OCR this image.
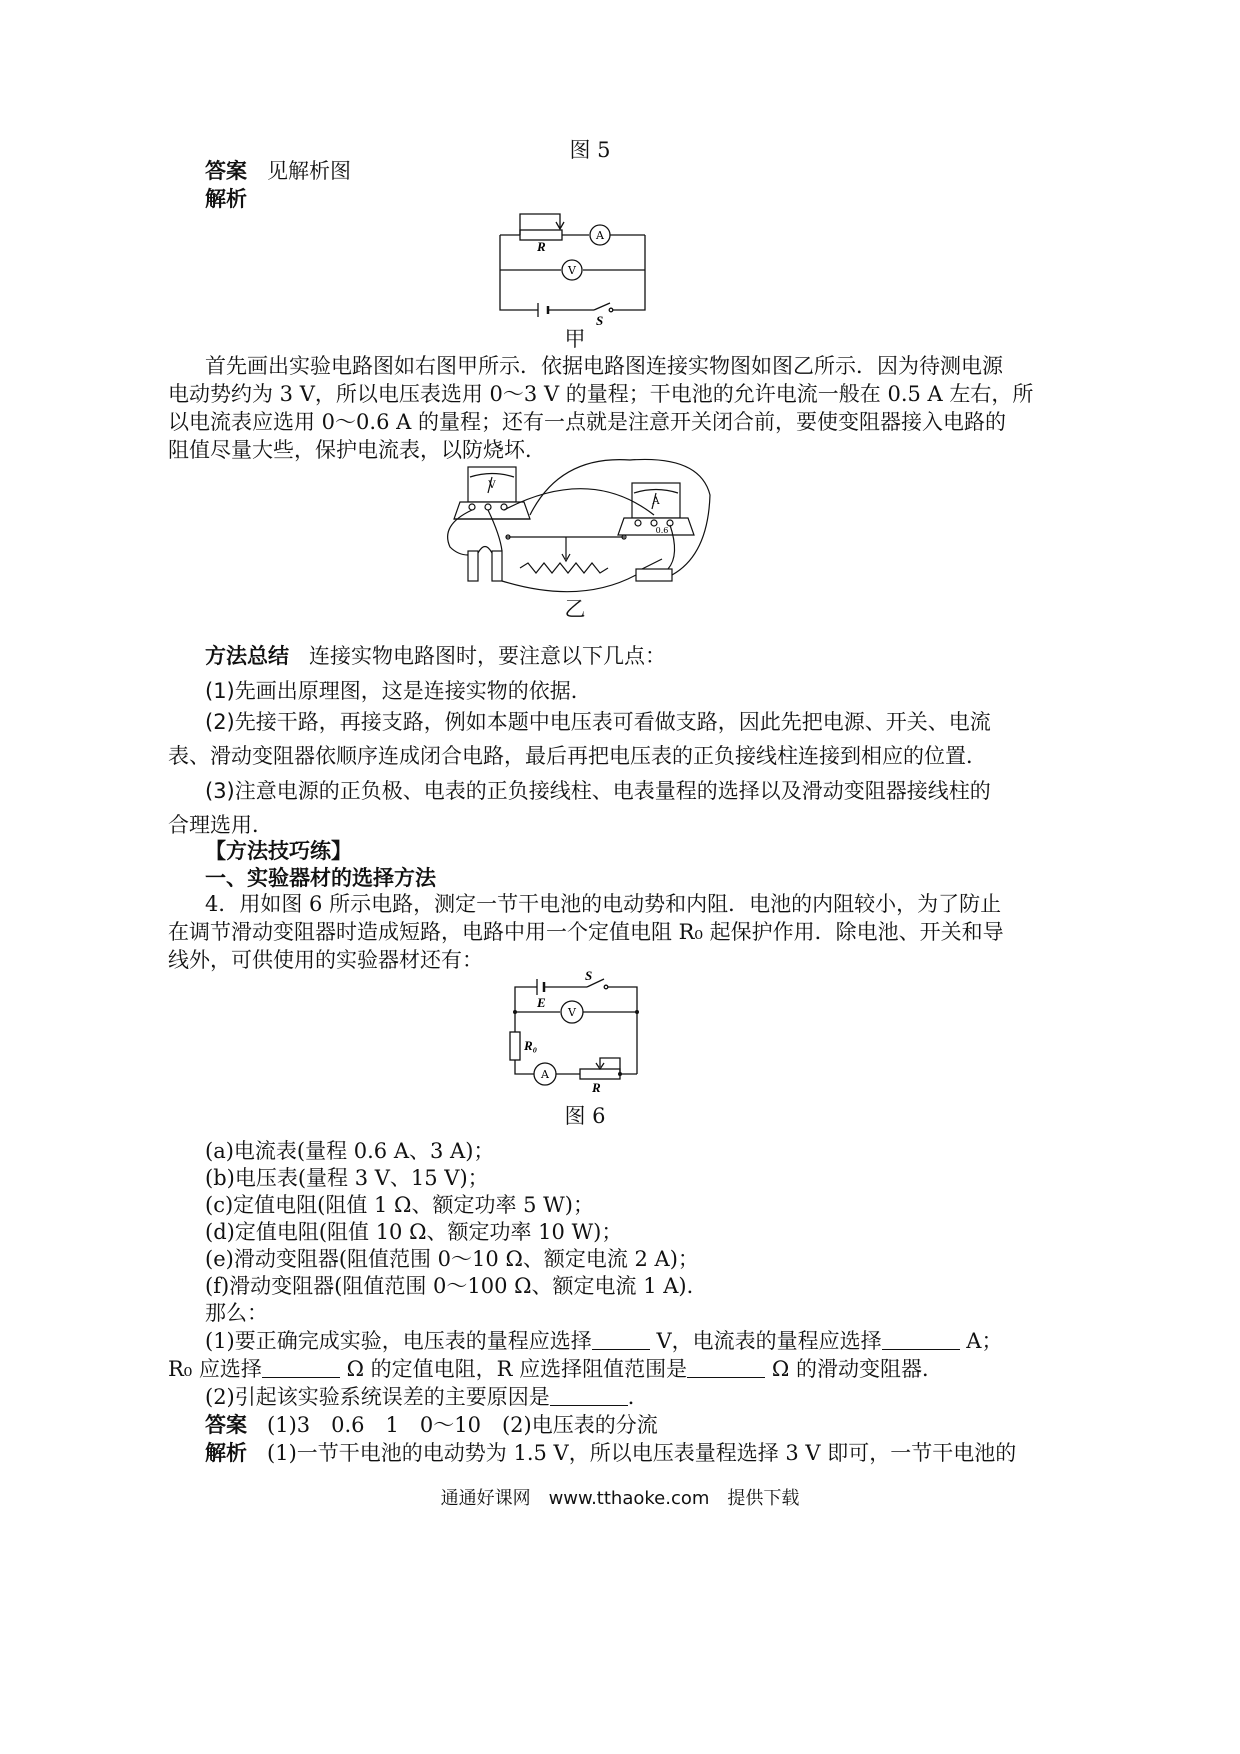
图 5
答案 见解析图
解析
R
A
V
S
甲
首先画出实验电路图如右图甲所示．依据电路图连接实物图如图乙所示．因为待测电源
电动势约为 3 V，所以电压表选用 0～3 V 的量程；干电池的允许电流一般在 0.5 A 左右，所
以电流表应选用 0～0.6 A 的量程；还有一点就是注意开关闭合前，要使变阻器接入电路的
阻值尽量大些，保护电流表，以防烧坏．
V
A
0.6
乙
方法总结 连接实物电路图时，要注意以下几点：
(1)先画出原理图，这是连接实物的依据．
(2)先接干路，再接支路，例如本题中电压表可看做支路，因此先把电源、开关、电流
表、滑动变阻器依顺序连成闭合电路，最后再把电压表的正负接线柱连接到相应的位置．
(3)注意电源的正负极、电表的正负接线柱、电表量程的选择以及滑动变阻器接线柱的
合理选用．
【方法技巧练】
一、实验器材的选择方法
4．用如图 6 所示电路，测定一节干电池的电动势和内阻．电池的内阻较小，为了防止
在调节滑动变阻器时造成短路，电路中用一个定值电阻 R₀ 起保护作用．除电池、开关和导
线外，可供使用的实验器材还有：
S
E
V
R₀
A
R
图 6
(a)电流表(量程 0.6 A、3 A)；
(b)电压表(量程 3 V、15 V)；
(c)定值电阻(阻值 1 Ω、额定功率 5 W)；
(d)定值电阻(阻值 10 Ω、额定功率 10 W)；
(e)滑动变阻器(阻值范围 0～10 Ω、额定电流 2 A)；
(f)滑动变阻器(阻值范围 0～100 Ω、额定电流 1 A)．
那么：
(1)要正确完成实验，电压表的量程应选择	V，电流表的量程应选择	A；
R₀ 应选择	Ω 的定值电阻，R 应选择阻值范围是	Ω 的滑动变阻器．
(2)引起该实验系统误差的主要原因是	．
答案 (1)3　0.6　1　0～10　(2)电压表的分流
解析 (1)一节干电池的电动势为 1.5 V，所以电压表量程选择 3 V 即可，一节干电池的
通通好课网　www.tthaoke.com　提供下载
